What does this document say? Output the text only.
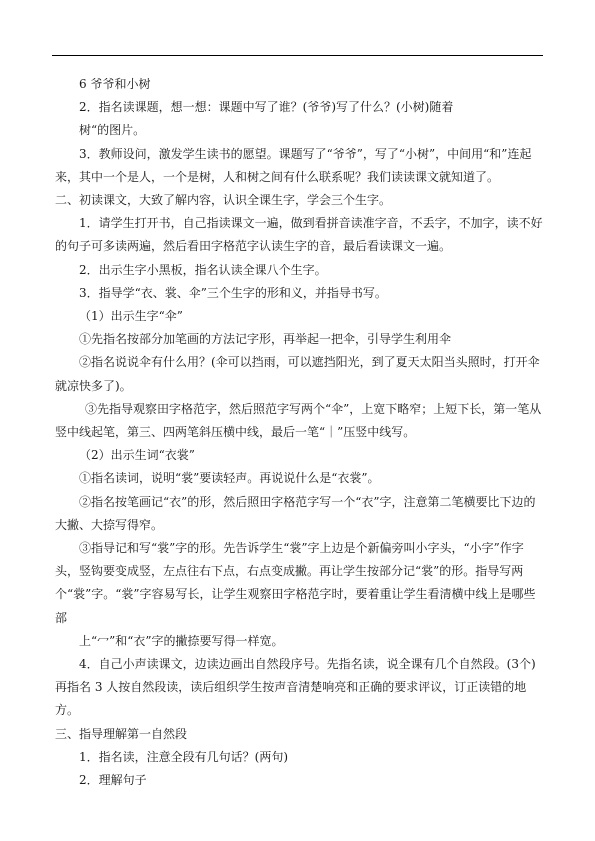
6 爷爷和小树

2．指名读课题，想一想：课题中写了谁？(爷爷)写了什么？(小树)随着

树“的图片。

3．教师设问，激发学生读书的愿望。课题写了“爷爷”，写了“小树”，中间用“和”连起来，其中一个是人，一个是树，人和树之间有什么联系呢？我们读读课文就知道了。

二、初读课文，大致了解内容，认识全课生字，学会三个生字。

1．请学生打开书，自己指读课文一遍，做到看拼音读准字音，不丢字，不加字，读不好的句子可多读两遍，然后看田字格范字认读生字的音，最后看读课文一遍。

2．出示生字小黑板，指名认读全课八个生字。

3．指导学“衣、裳、伞”三个生字的形和义，并指导书写。

（1）出示生字“伞”

①先指名按部分加笔画的方法记字形，再举起一把伞，引导学生利用伞

②指名说说伞有什么用？(伞可以挡雨，可以遮挡阳光，到了夏天太阳当头照时，打开伞就凉快多了)。

③先指导观察田字格范字，然后照范字写两个“伞”，上宽下略窄；上短下长，第一笔从竖中线起笔，第三、四两笔斜压横中线，最后一笔“｜”压竖中线写。

（2）出示生词“衣裳”

①指名读词，说明“裳”要读轻声。再说说什么是“衣裳”。

②指名按笔画记“衣”的形，然后照田字格范字写一个“衣”字，注意第二笔横要比下边的大撇、大捺写得窄。

③指导记和写“裳”字的形。先告诉学生“裳”字上边是个新偏旁叫小字头，“小字”作字头，竖钩要变成竖，左点往右下点，右点变成撇。再让学生按部分记“裳”的形。指导写两个“裳”字。“裳”字容易写长，让学生观察田字格范字时，要着重让学生看清横中线上是哪些部

上“冖”和“衣”字的撇捺要写得一样宽。

4．自己小声读课文，边读边画出自然段序号。先指名读，说全课有几个自然段。(3个)再指名 3 人按自然段读，读后组织学生按声音清楚响亮和正确的要求评议，订正读错的地方。

三、指导理解第一自然段

1．指名读，注意全段有几句话？(两句)

2．理解句子
